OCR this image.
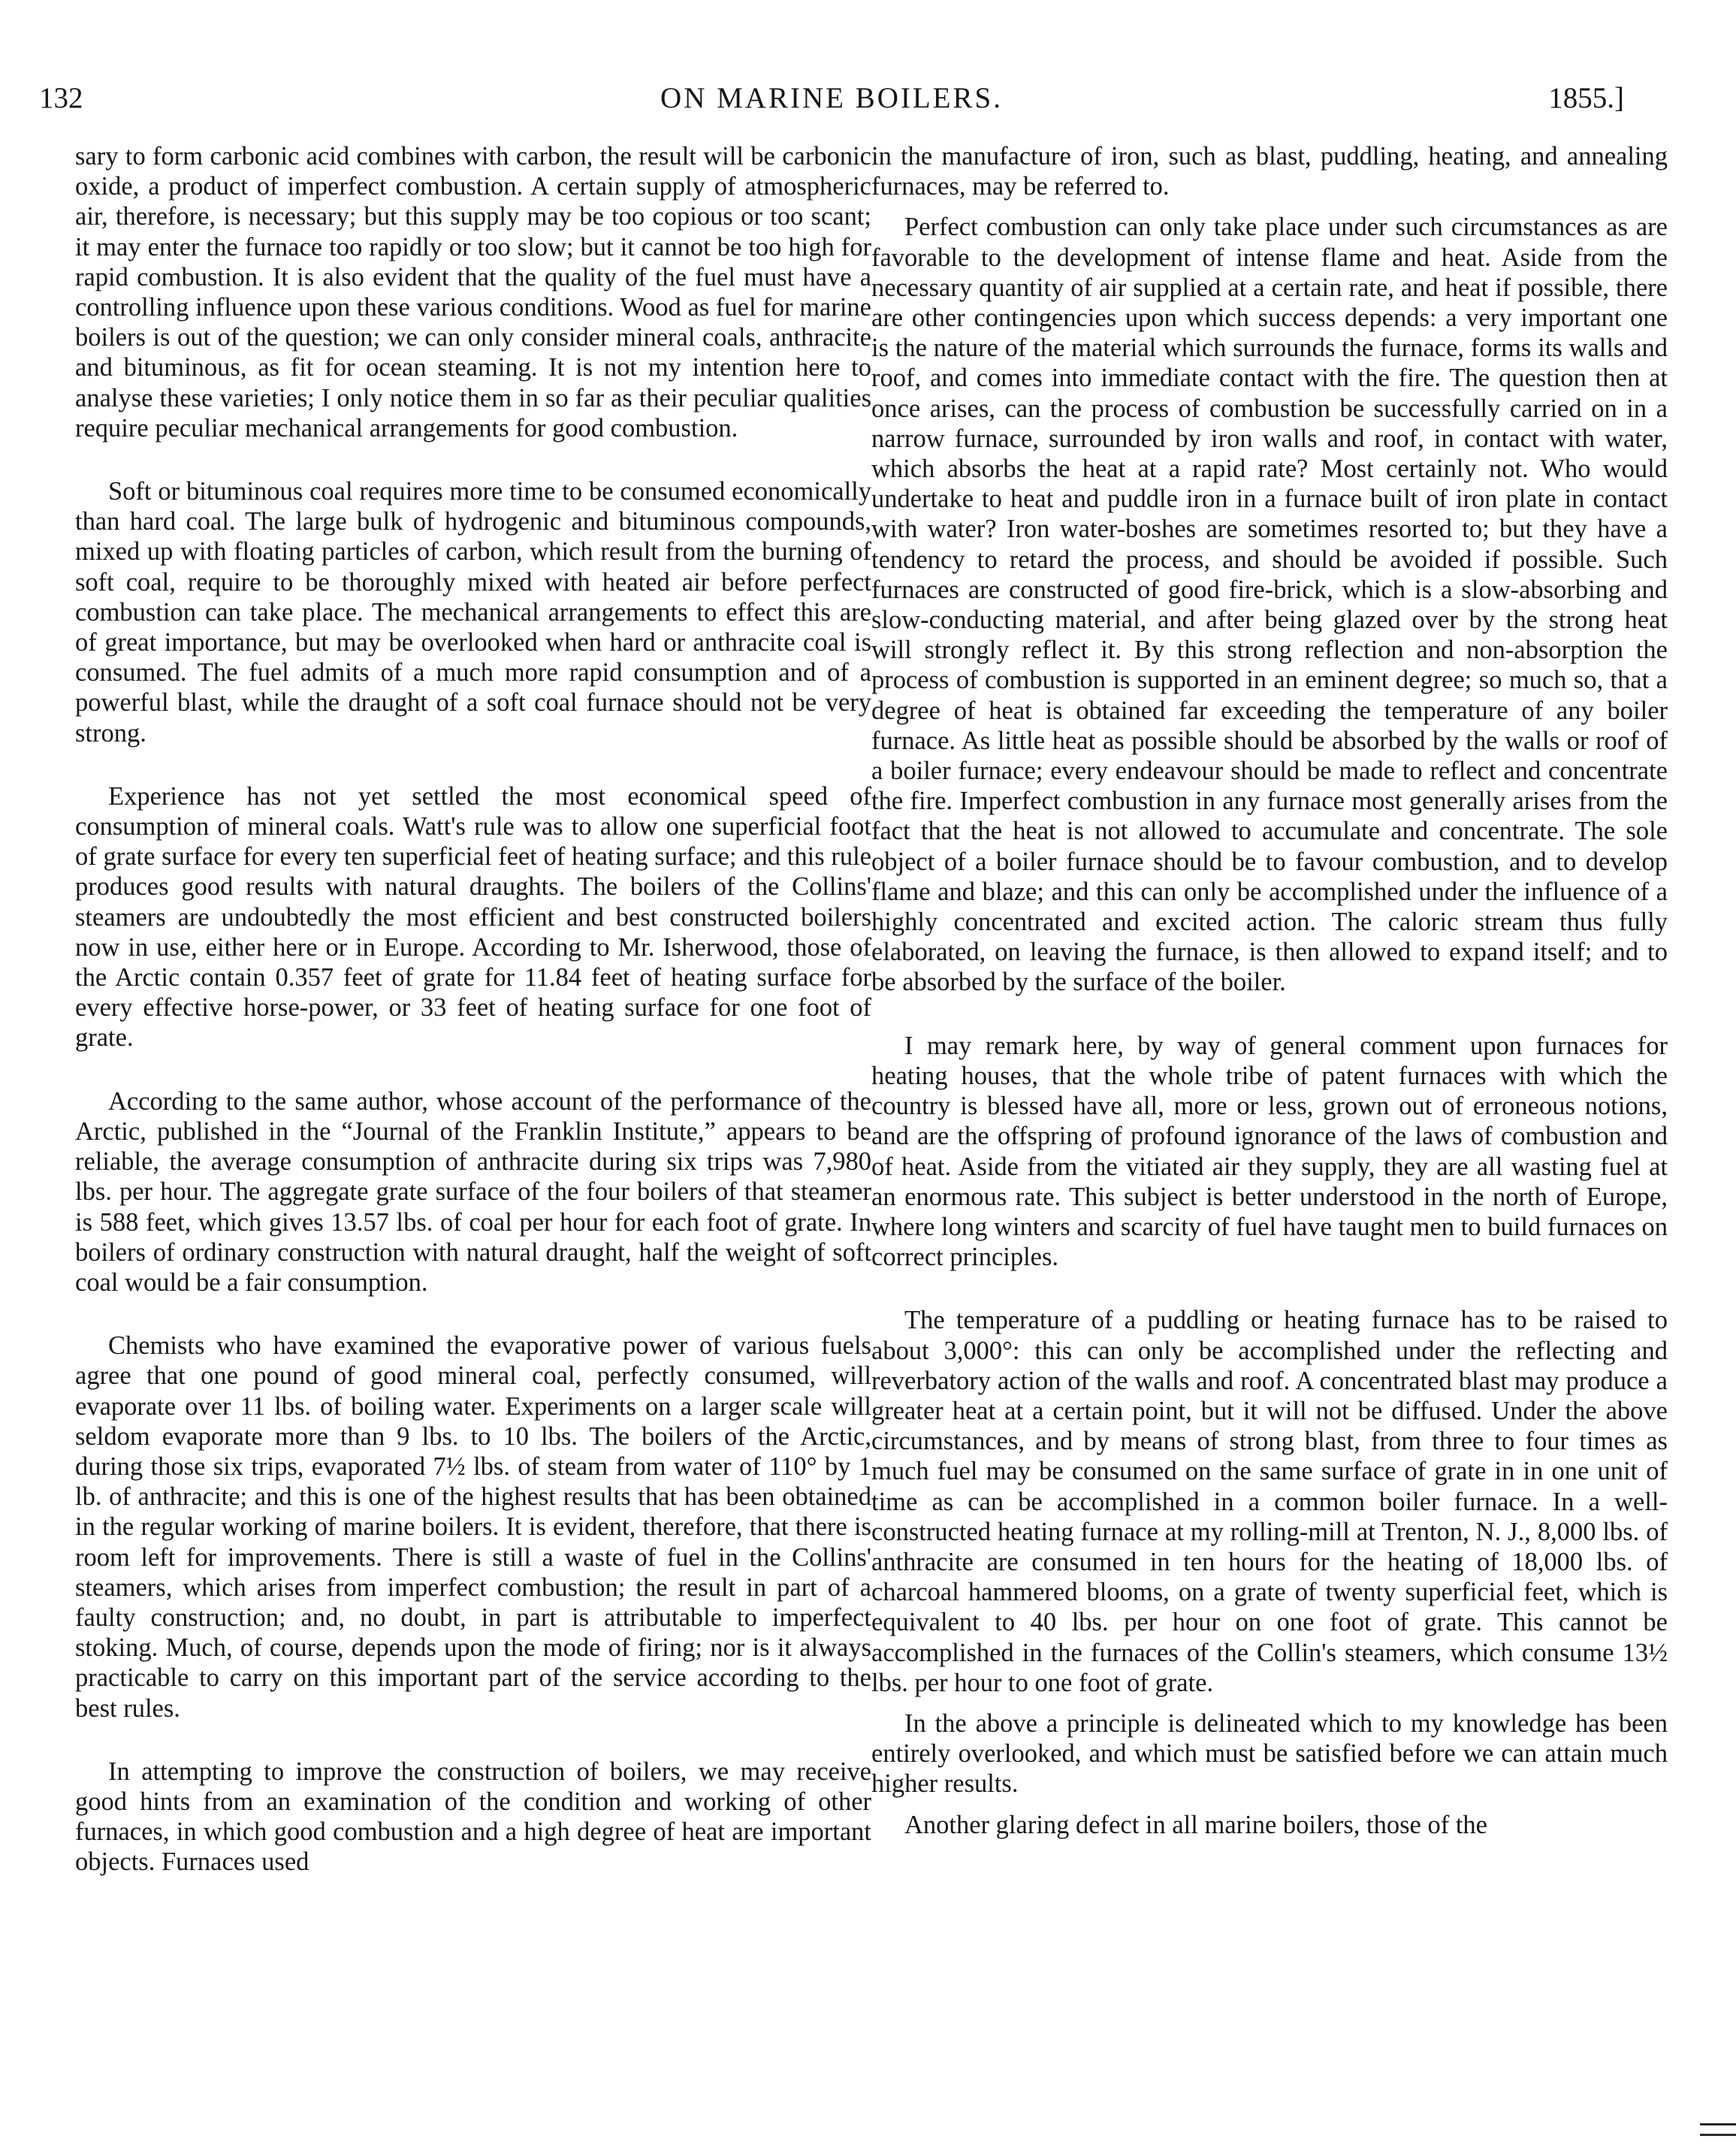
132	ON MARINE BOILERS.	1855.]

sary to form carbonic acid combines with carbon, the result will be carbonic oxide, a product of imperfect combustion. A certain supply of atmospheric air, therefore, is necessary; but this supply may be too copious or too scant; it may enter the furnace too rapidly or too slow; but it cannot be too high for rapid combustion. It is also evident that the quality of the fuel must have a controlling influence upon these various conditions. Wood as fuel for marine boilers is out of the question; we can only consider mineral coals, anthracite and bituminous, as fit for ocean steaming. It is not my intention here to analyse these varieties; I only notice them in so far as their peculiar qualities require peculiar mechanical arrangements for good combustion.

Soft or bituminous coal requires more time to be consumed economically than hard coal. The large bulk of hydrogenic and bituminous compounds, mixed up with floating particles of carbon, which result from the burning of soft coal, require to be thoroughly mixed with heated air before perfect combustion can take place. The mechanical arrangements to effect this are of great importance, but may be overlooked when hard or anthracite coal is consumed. The fuel admits of a much more rapid consumption and of a powerful blast, while the draught of a soft coal furnace should not be very strong.

Experience has not yet settled the most economical speed of consumption of mineral coals. Watt's rule was to allow one superficial foot of grate surface for every ten superficial feet of heating surface; and this rule produces good results with natural draughts. The boilers of the Collins' steamers are undoubtedly the most efficient and best constructed boilers now in use, either here or in Europe. According to Mr. Isherwood, those of the Arctic contain 0.357 feet of grate for 11.84 feet of heating surface for every effective horse-power, or 33 feet of heating surface for one foot of grate.

According to the same author, whose account of the performance of the Arctic, published in the “Journal of the Franklin Institute,” appears to be reliable, the average consumption of anthracite during six trips was 7,980 lbs. per hour. The aggregate grate surface of the four boilers of that steamer is 588 feet, which gives 13.57 lbs. of coal per hour for each foot of grate. In boilers of ordinary construction with natural draught, half the weight of soft coal would be a fair consumption.

Chemists who have examined the evaporative power of various fuels agree that one pound of good mineral coal, perfectly consumed, will evaporate over 11 lbs. of boiling water. Experiments on a larger scale will seldom evaporate more than 9 lbs. to 10 lbs. The boilers of the Arctic, during those six trips, evaporated 7½ lbs. of steam from water of 110° by 1 lb. of anthracite; and this is one of the highest results that has been obtained in the regular working of marine boilers. It is evident, therefore, that there is room left for improvements. There is still a waste of fuel in the Collins' steamers, which arises from imperfect combustion; the result in part of a faulty construction; and, no doubt, in part is attributable to imperfect stoking. Much, of course, depends upon the mode of firing; nor is it always practicable to carry on this important part of the service according to the best rules.

In attempting to improve the construction of boilers, we may receive good hints from an examination of the condition and working of other furnaces, in which good combustion and a high degree of heat are important objects. Furnaces used

in the manufacture of iron, such as blast, puddling, heating, and annealing furnaces, may be referred to.

Perfect combustion can only take place under such circumstances as are favorable to the development of intense flame and heat. Aside from the necessary quantity of air supplied at a certain rate, and heat if possible, there are other contingencies upon which success depends: a very important one is the nature of the material which surrounds the furnace, forms its walls and roof, and comes into immediate contact with the fire. The question then at once arises, can the process of combustion be successfully carried on in a narrow furnace, surrounded by iron walls and roof, in contact with water, which absorbs the heat at a rapid rate? Most certainly not. Who would undertake to heat and puddle iron in a furnace built of iron plate in contact with water? Iron water-boshes are sometimes resorted to; but they have a tendency to retard the process, and should be avoided if possible. Such furnaces are constructed of good fire-brick, which is a slow-absorbing and slow-conducting material, and after being glazed over by the strong heat will strongly reflect it. By this strong reflection and non-absorption the process of combustion is supported in an eminent degree; so much so, that a degree of heat is obtained far exceeding the temperature of any boiler furnace. As little heat as possible should be absorbed by the walls or roof of a boiler furnace; every endeavour should be made to reflect and concentrate the fire. Imperfect combustion in any furnace most generally arises from the fact that the heat is not allowed to accumulate and concentrate. The sole object of a boiler furnace should be to favour combustion, and to develop flame and blaze; and this can only be accomplished under the influence of a highly concentrated and excited action. The caloric stream thus fully elaborated, on leaving the furnace, is then allowed to expand itself; and to be absorbed by the surface of the boiler.

I may remark here, by way of general comment upon furnaces for heating houses, that the whole tribe of patent furnaces with which the country is blessed have all, more or less, grown out of erroneous notions, and are the offspring of profound ignorance of the laws of combustion and of heat. Aside from the vitiated air they supply, they are all wasting fuel at an enormous rate. This subject is better understood in the north of Europe, where long winters and scarcity of fuel have taught men to build furnaces on correct principles.

The temperature of a puddling or heating furnace has to be raised to about 3,000°: this can only be accomplished under the reflecting and reverbatory action of the walls and roof. A concentrated blast may produce a greater heat at a certain point, but it will not be diffused. Under the above circumstances, and by means of strong blast, from three to four times as much fuel may be consumed on the same surface of grate in in one unit of time as can be accomplished in a common boiler furnace. In a well-constructed heating furnace at my rolling-mill at Trenton, N. J., 8,000 lbs. of anthracite are consumed in ten hours for the heating of 18,000 lbs. of charcoal hammered blooms, on a grate of twenty superficial feet, which is equivalent to 40 lbs. per hour on one foot of grate. This cannot be accomplished in the furnaces of the Collin's steamers, which consume 13½ lbs. per hour to one foot of grate.

In the above a principle is delineated which to my knowledge has been entirely overlooked, and which must be satisfied before we can attain much higher results.

Another glaring defect in all marine boilers, those of the
